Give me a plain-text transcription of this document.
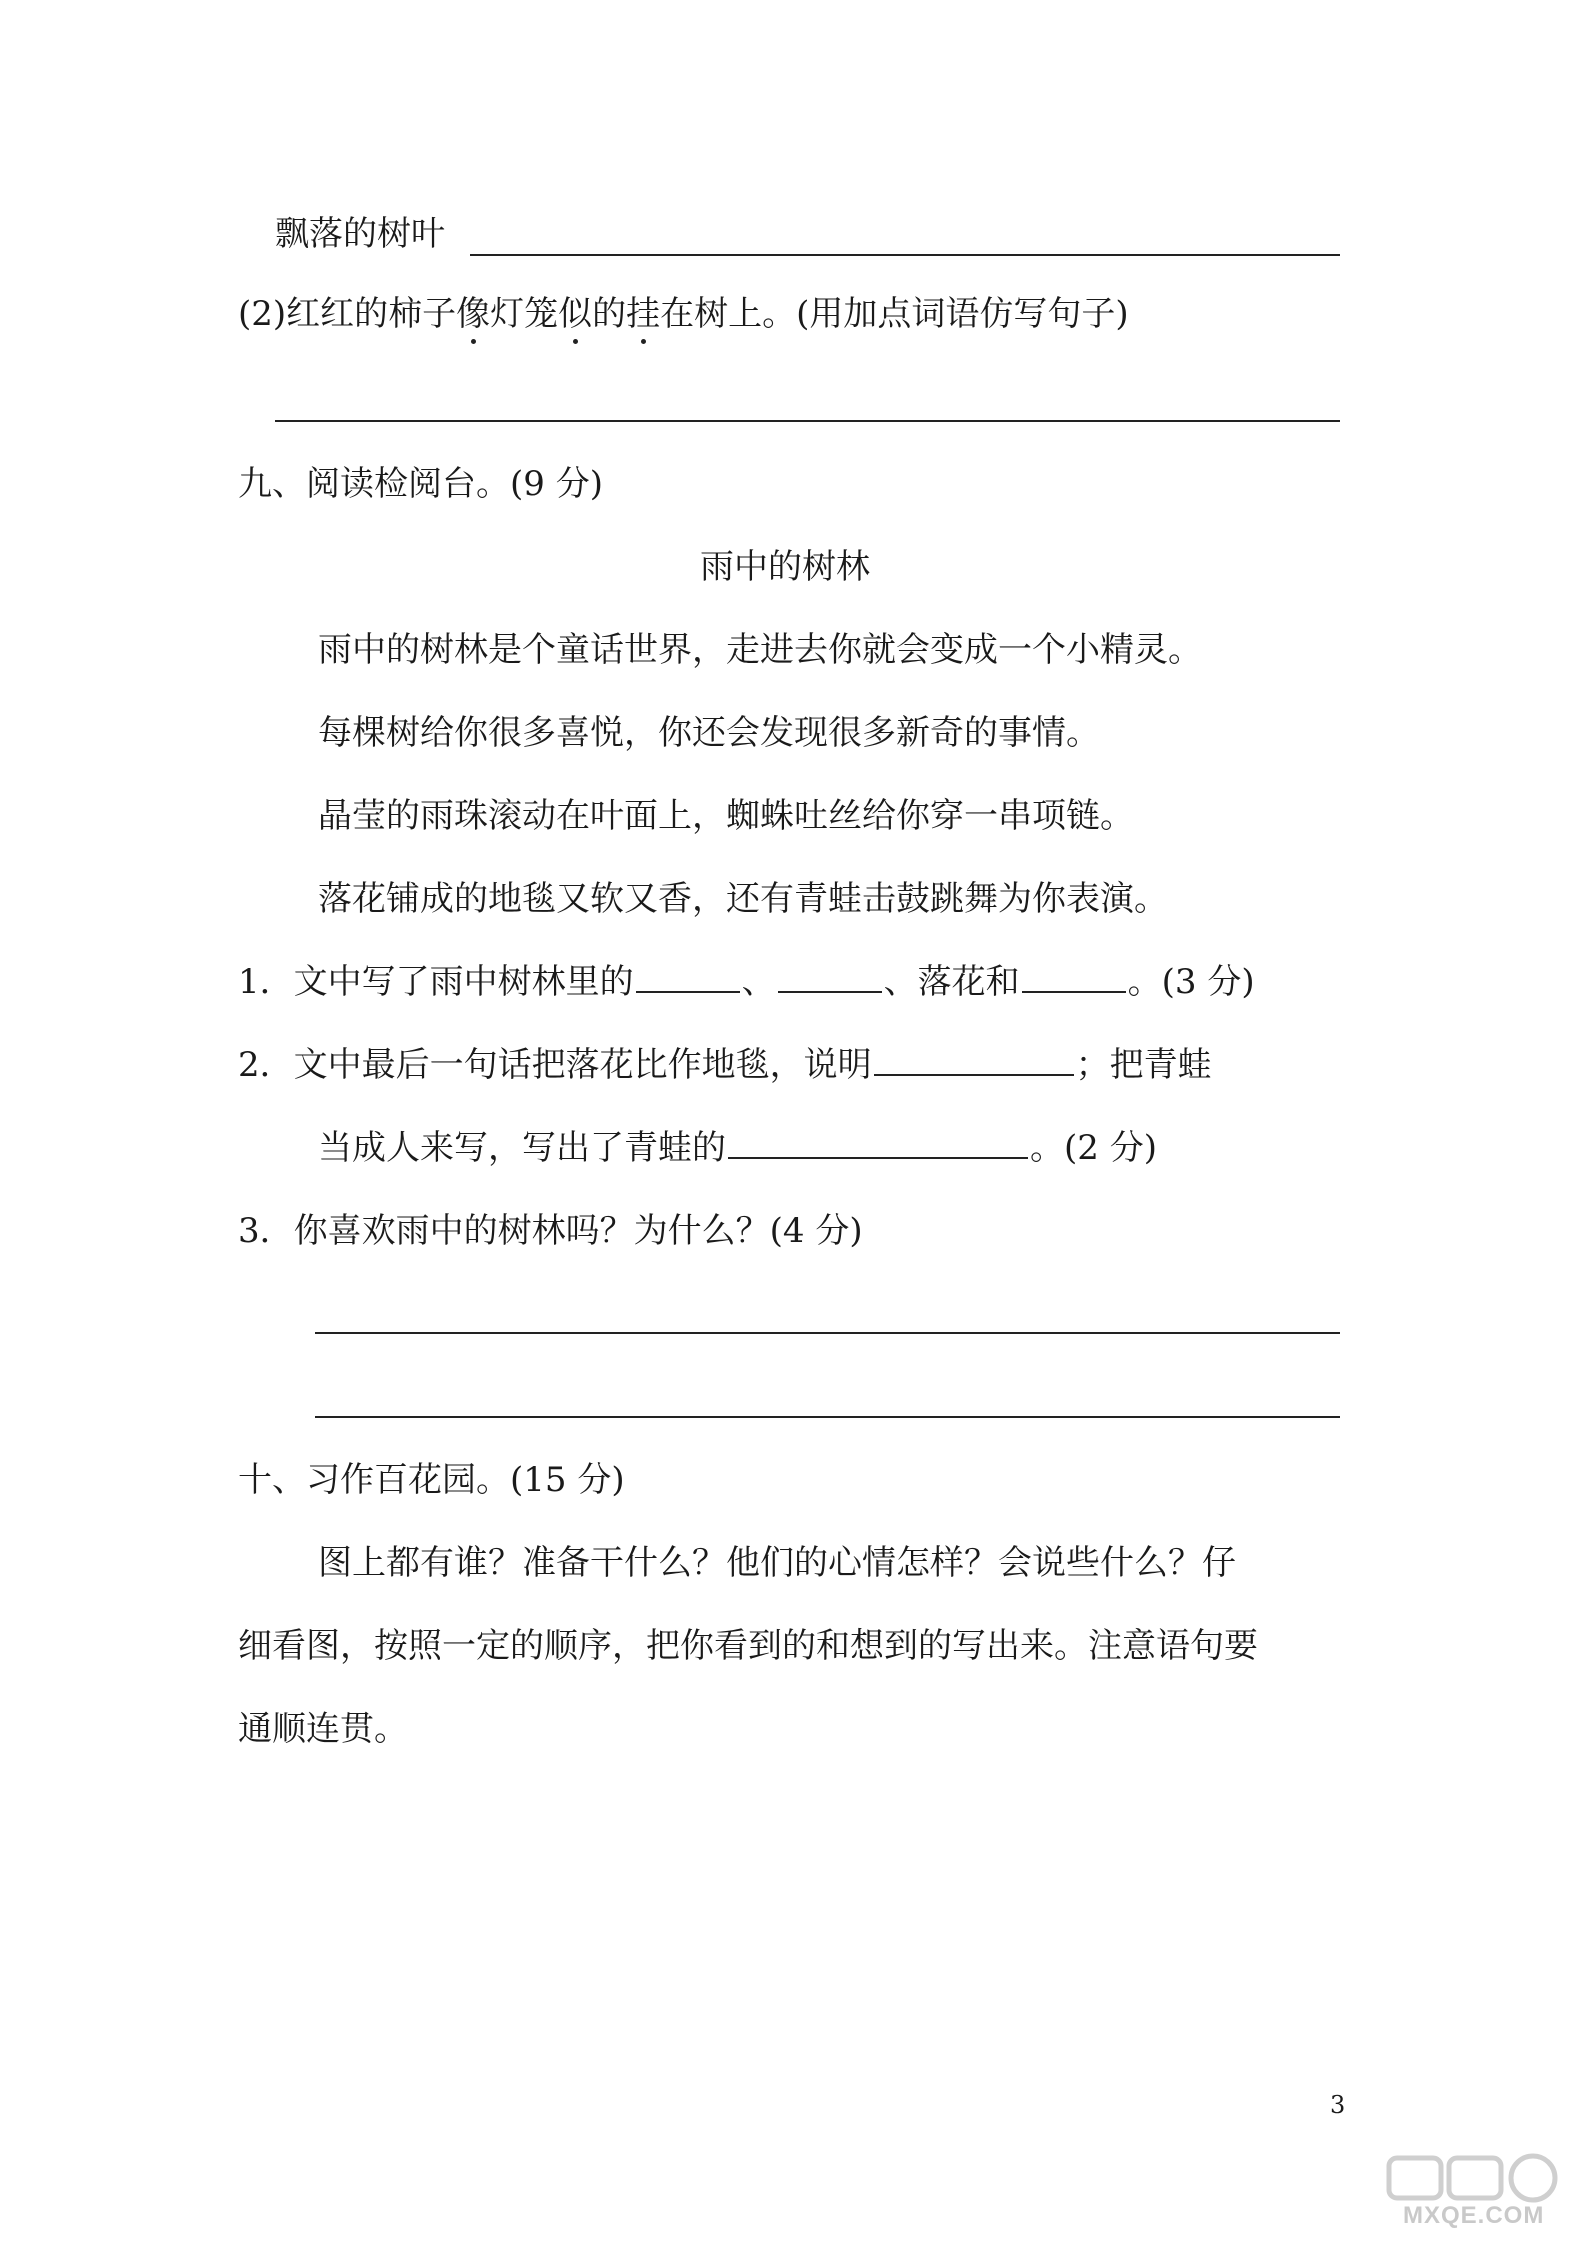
飘落的树叶
(2)红红的柿子像灯笼似的挂在树上。(用加点词语仿写句子)
九、阅读检阅台。(9 分)
雨中的树林
雨中的树林是个童话世界，走进去你就会变成一个小精灵。
每棵树给你很多喜悦，你还会发现很多新奇的事情。
晶莹的雨珠滚动在叶面上，蜘蛛吐丝给你穿一串项链。
落花铺成的地毯又软又香，还有青蛙击鼓跳舞为你表演。
1．文中写了雨中树林里的	、	、落花和	。(3 分)
2．文中最后一句话把落花比作地毯，说明	；把青蛙
当成人来写，写出了青蛙的	。(2 分)
3．你喜欢雨中的树林吗？为什么？(4 分)
十、习作百花园。(15 分)
图上都有谁？准备干什么？他们的心情怎样？会说些什么？仔
细看图，按照一定的顺序，把你看到的和想到的写出来。注意语句要
通顺连贯。
3
MXQE.COM
